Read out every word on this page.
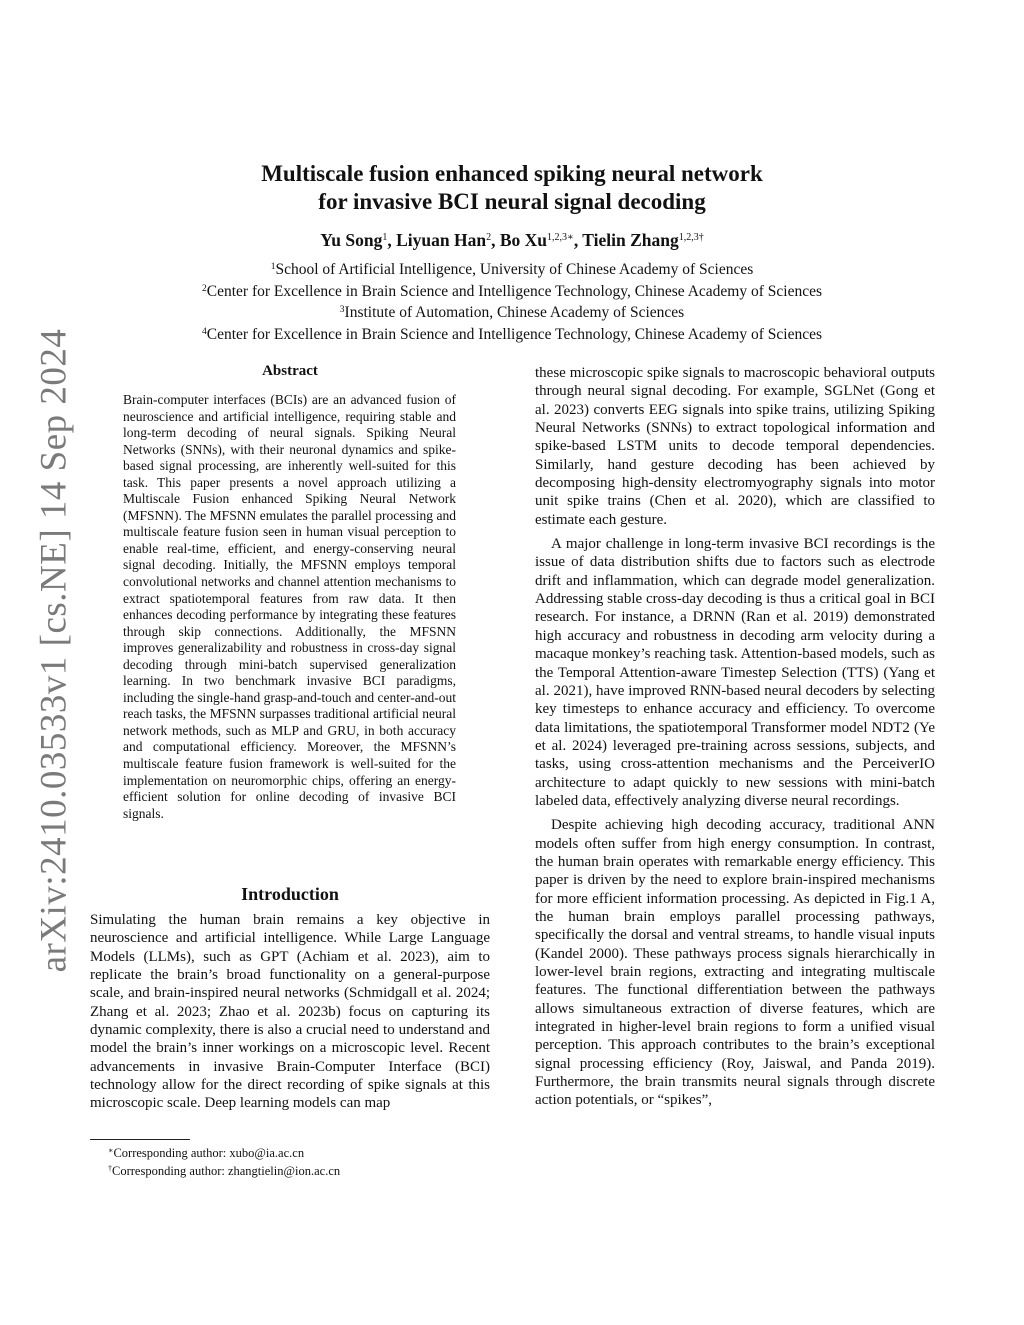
arXiv:2410.03533v1 [cs.NE] 14 Sep 2024
Multiscale fusion enhanced spiking neural network
for invasive BCI neural signal decoding
Yu Song$^1$, Liyuan Han$^2$, Bo $Xu^{1,2,3∗}$, Tielin Zhang$^{1,2,3\dagger}$
$^1$School of Artificial Intelligence, University of Chinese Academy of Sciences
$^2$Center for Excellence in Brain Science and Intelligence Technology, Chinese Academy of Sciences
$^3$Institute of Automation, Chinese Academy of Sciences
$^4$Center for Excellence in Brain Science and Intelligence Technology, Chinese Academy of Sciences
Abstract
Brain-computer interfaces (BCIs) are an advanced fusion of neuroscience and artificial intelligence, requiring stable and long-term decoding of neural signals. Spiking Neural Networks (SNNs), with their neuronal dynamics and spike-based signal processing, are inherently well-suited for this task. This paper presents a novel approach utilizing a Multiscale Fusion enhanced Spiking Neural Network (MFSNN). The MFSNN emulates the parallel processing and multiscale feature fusion seen in human visual perception to enable real-time, efficient, and energy-conserving neural signal decoding. Initially, the MFSNN employs temporal convolutional networks and channel attention mechanisms to extract spatiotemporal features from raw data. It then enhances decoding performance by integrating these features through skip connections. Additionally, the MFSNN improves generalizability and robustness in cross-day signal decoding through mini-batch supervised generalization learning. In two benchmark invasive BCI paradigms, including the single-hand grasp-and-touch and center-and-out reach tasks, the MFSNN surpasses traditional artificial neural network methods, such as MLP and GRU, in both accuracy and computational efficiency. Moreover, the MFSNN’s multiscale feature fusion framework is well-suited for the implementation on neuromorphic chips, offering an energy-efficient solution for online decoding of invasive BCI signals.
Introduction
Simulating the human brain remains a key objective in neuroscience and artificial intelligence. While Large Language Models (LLMs), such as GPT (Achiam et al. 2023), aim to replicate the brain’s broad functionality on a general-purpose scale, and brain-inspired neural networks (Schmidgall et al. 2024; Zhang et al. 2023; Zhao et al. 2023b) focus on capturing its dynamic complexity, there is also a crucial need to understand and model the brain’s inner workings on a microscopic level. Recent advancements in invasive Brain-Computer Interface (BCI) technology allow for the direct recording of spike signals at this microscopic scale. Deep learning models can map
∗Corresponding author: xubo@ia.ac.cn
†Corresponding author: zhangtielin@ion.ac.cn

these microscopic spike signals to macroscopic behavioral outputs through neural signal decoding. For example, SGLNet (Gong et al. 2023) converts EEG signals into spike trains, utilizing Spiking Neural Networks (SNNs) to extract topological information and spike-based LSTM units to decode temporal dependencies. Similarly, hand gesture decoding has been achieved by decomposing high-density electromyography signals into motor unit spike trains (Chen et al. 2020), which are classified to estimate each gesture.

A major challenge in long-term invasive BCI recordings is the issue of data distribution shifts due to factors such as electrode drift and inflammation, which can degrade model generalization. Addressing stable cross-day decoding is thus a critical goal in BCI research. For instance, a DRNN (Ran et al. 2019) demonstrated high accuracy and robustness in decoding arm velocity during a macaque monkey’s reaching task. Attention-based models, such as the Temporal Attention-aware Timestep Selection (TTS) (Yang et al. 2021), have improved RNN-based neural decoders by selecting key timesteps to enhance accuracy and efficiency. To overcome data limitations, the spatiotemporal Transformer model NDT2 (Ye et al. 2024) leveraged pre-training across sessions, subjects, and tasks, using cross-attention mechanisms and the PerceiverIO architecture to adapt quickly to new sessions with mini-batch labeled data, effectively analyzing diverse neural recordings.

Despite achieving high decoding accuracy, traditional ANN models often suffer from high energy consumption. In contrast, the human brain operates with remarkable energy efficiency. This paper is driven by the need to explore brain-inspired mechanisms for more efficient information processing. As depicted in Fig.1 A, the human brain employs parallel processing pathways, specifically the dorsal and ventral streams, to handle visual inputs (Kandel 2000). These pathways process signals hierarchically in lower-level brain regions, extracting and integrating multiscale features. The functional differentiation between the pathways allows simultaneous extraction of diverse features, which are integrated in higher-level brain regions to form a unified visual perception. This approach contributes to the brain’s exceptional signal processing efficiency (Roy, Jaiswal, and Panda 2019). Furthermore, the brain transmits neural signals through discrete action potentials, or “spikes”,
